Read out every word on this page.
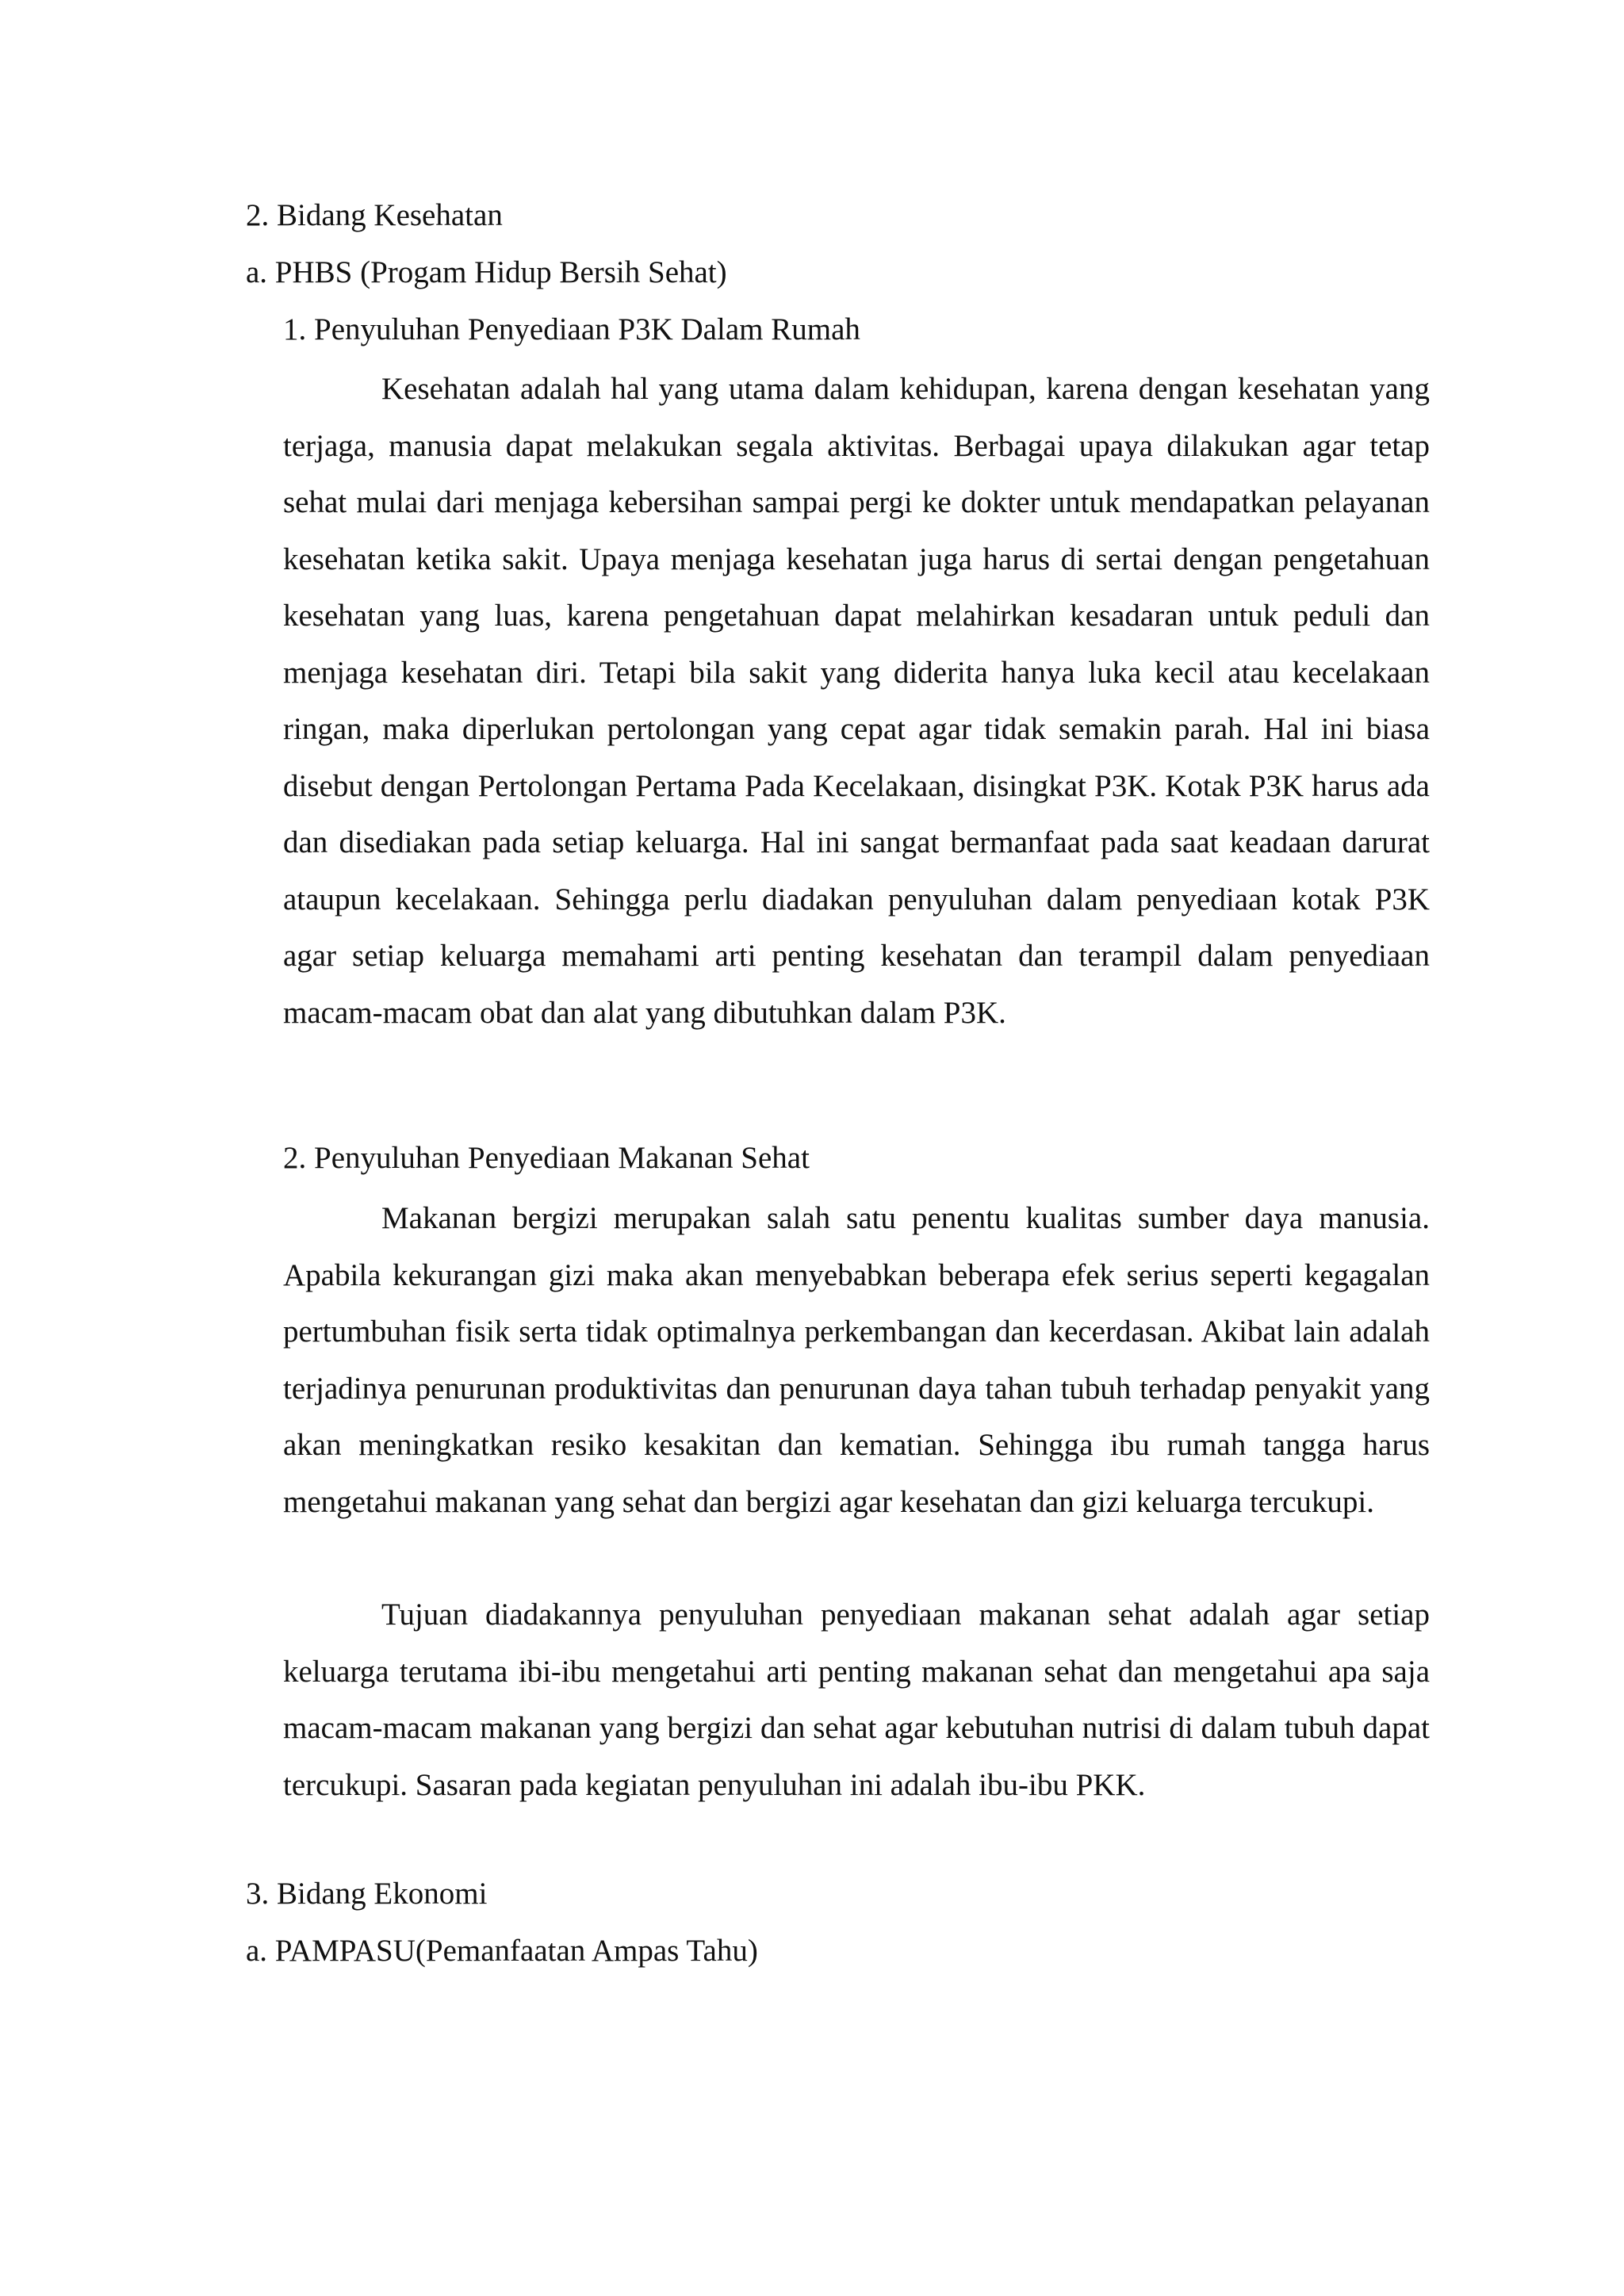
2. Bidang Kesehatan
a. PHBS (Progam Hidup Bersih Sehat)
1. Penyuluhan Penyediaan P3K Dalam Rumah

Kesehatan adalah hal yang utama dalam kehidupan, karena dengan kesehatan yang terjaga, manusia dapat melakukan segala aktivitas. Berbagai upaya dilakukan agar tetap sehat mulai dari menjaga kebersihan sampai pergi ke dokter untuk mendapatkan pelayanan kesehatan ketika sakit. Upaya menjaga kesehatan juga harus di sertai dengan pengetahuan kesehatan yang luas, karena pengetahuan dapat melahirkan kesadaran untuk peduli dan menjaga kesehatan diri. Tetapi bila sakit yang diderita hanya luka kecil atau kecelakaan ringan, maka diperlukan pertolongan yang cepat agar tidak semakin parah. Hal ini biasa disebut dengan Pertolongan Pertama Pada Kecelakaan, disingkat P3K. Kotak P3K harus ada dan disediakan pada setiap keluarga. Hal ini sangat bermanfaat pada saat keadaan darurat ataupun kecelakaan. Sehingga perlu diadakan penyuluhan dalam penyediaan kotak P3K agar setiap keluarga memahami arti penting kesehatan dan terampil dalam penyediaan macam-macam obat dan alat yang dibutuhkan dalam P3K.

2. Penyuluhan Penyediaan Makanan Sehat

Makanan bergizi merupakan salah satu penentu kualitas sumber daya manusia. Apabila kekurangan gizi maka akan menyebabkan beberapa efek serius seperti kegagalan pertumbuhan fisik serta tidak optimalnya perkembangan dan kecerdasan. Akibat lain adalah terjadinya penurunan produktivitas dan penurunan daya tahan tubuh terhadap penyakit yang akan meningkatkan resiko kesakitan dan kematian. Sehingga ibu rumah tangga harus mengetahui makanan yang sehat dan bergizi agar kesehatan dan gizi keluarga tercukupi.

Tujuan diadakannya penyuluhan penyediaan makanan sehat adalah agar setiap keluarga terutama ibi-ibu mengetahui arti penting makanan sehat dan mengetahui apa saja macam-macam makanan yang bergizi dan sehat agar kebutuhan nutrisi di dalam tubuh dapat tercukupi. Sasaran pada kegiatan penyuluhan ini adalah ibu-ibu PKK.

3. Bidang Ekonomi
a. PAMPASU(Pemanfaatan Ampas Tahu)
